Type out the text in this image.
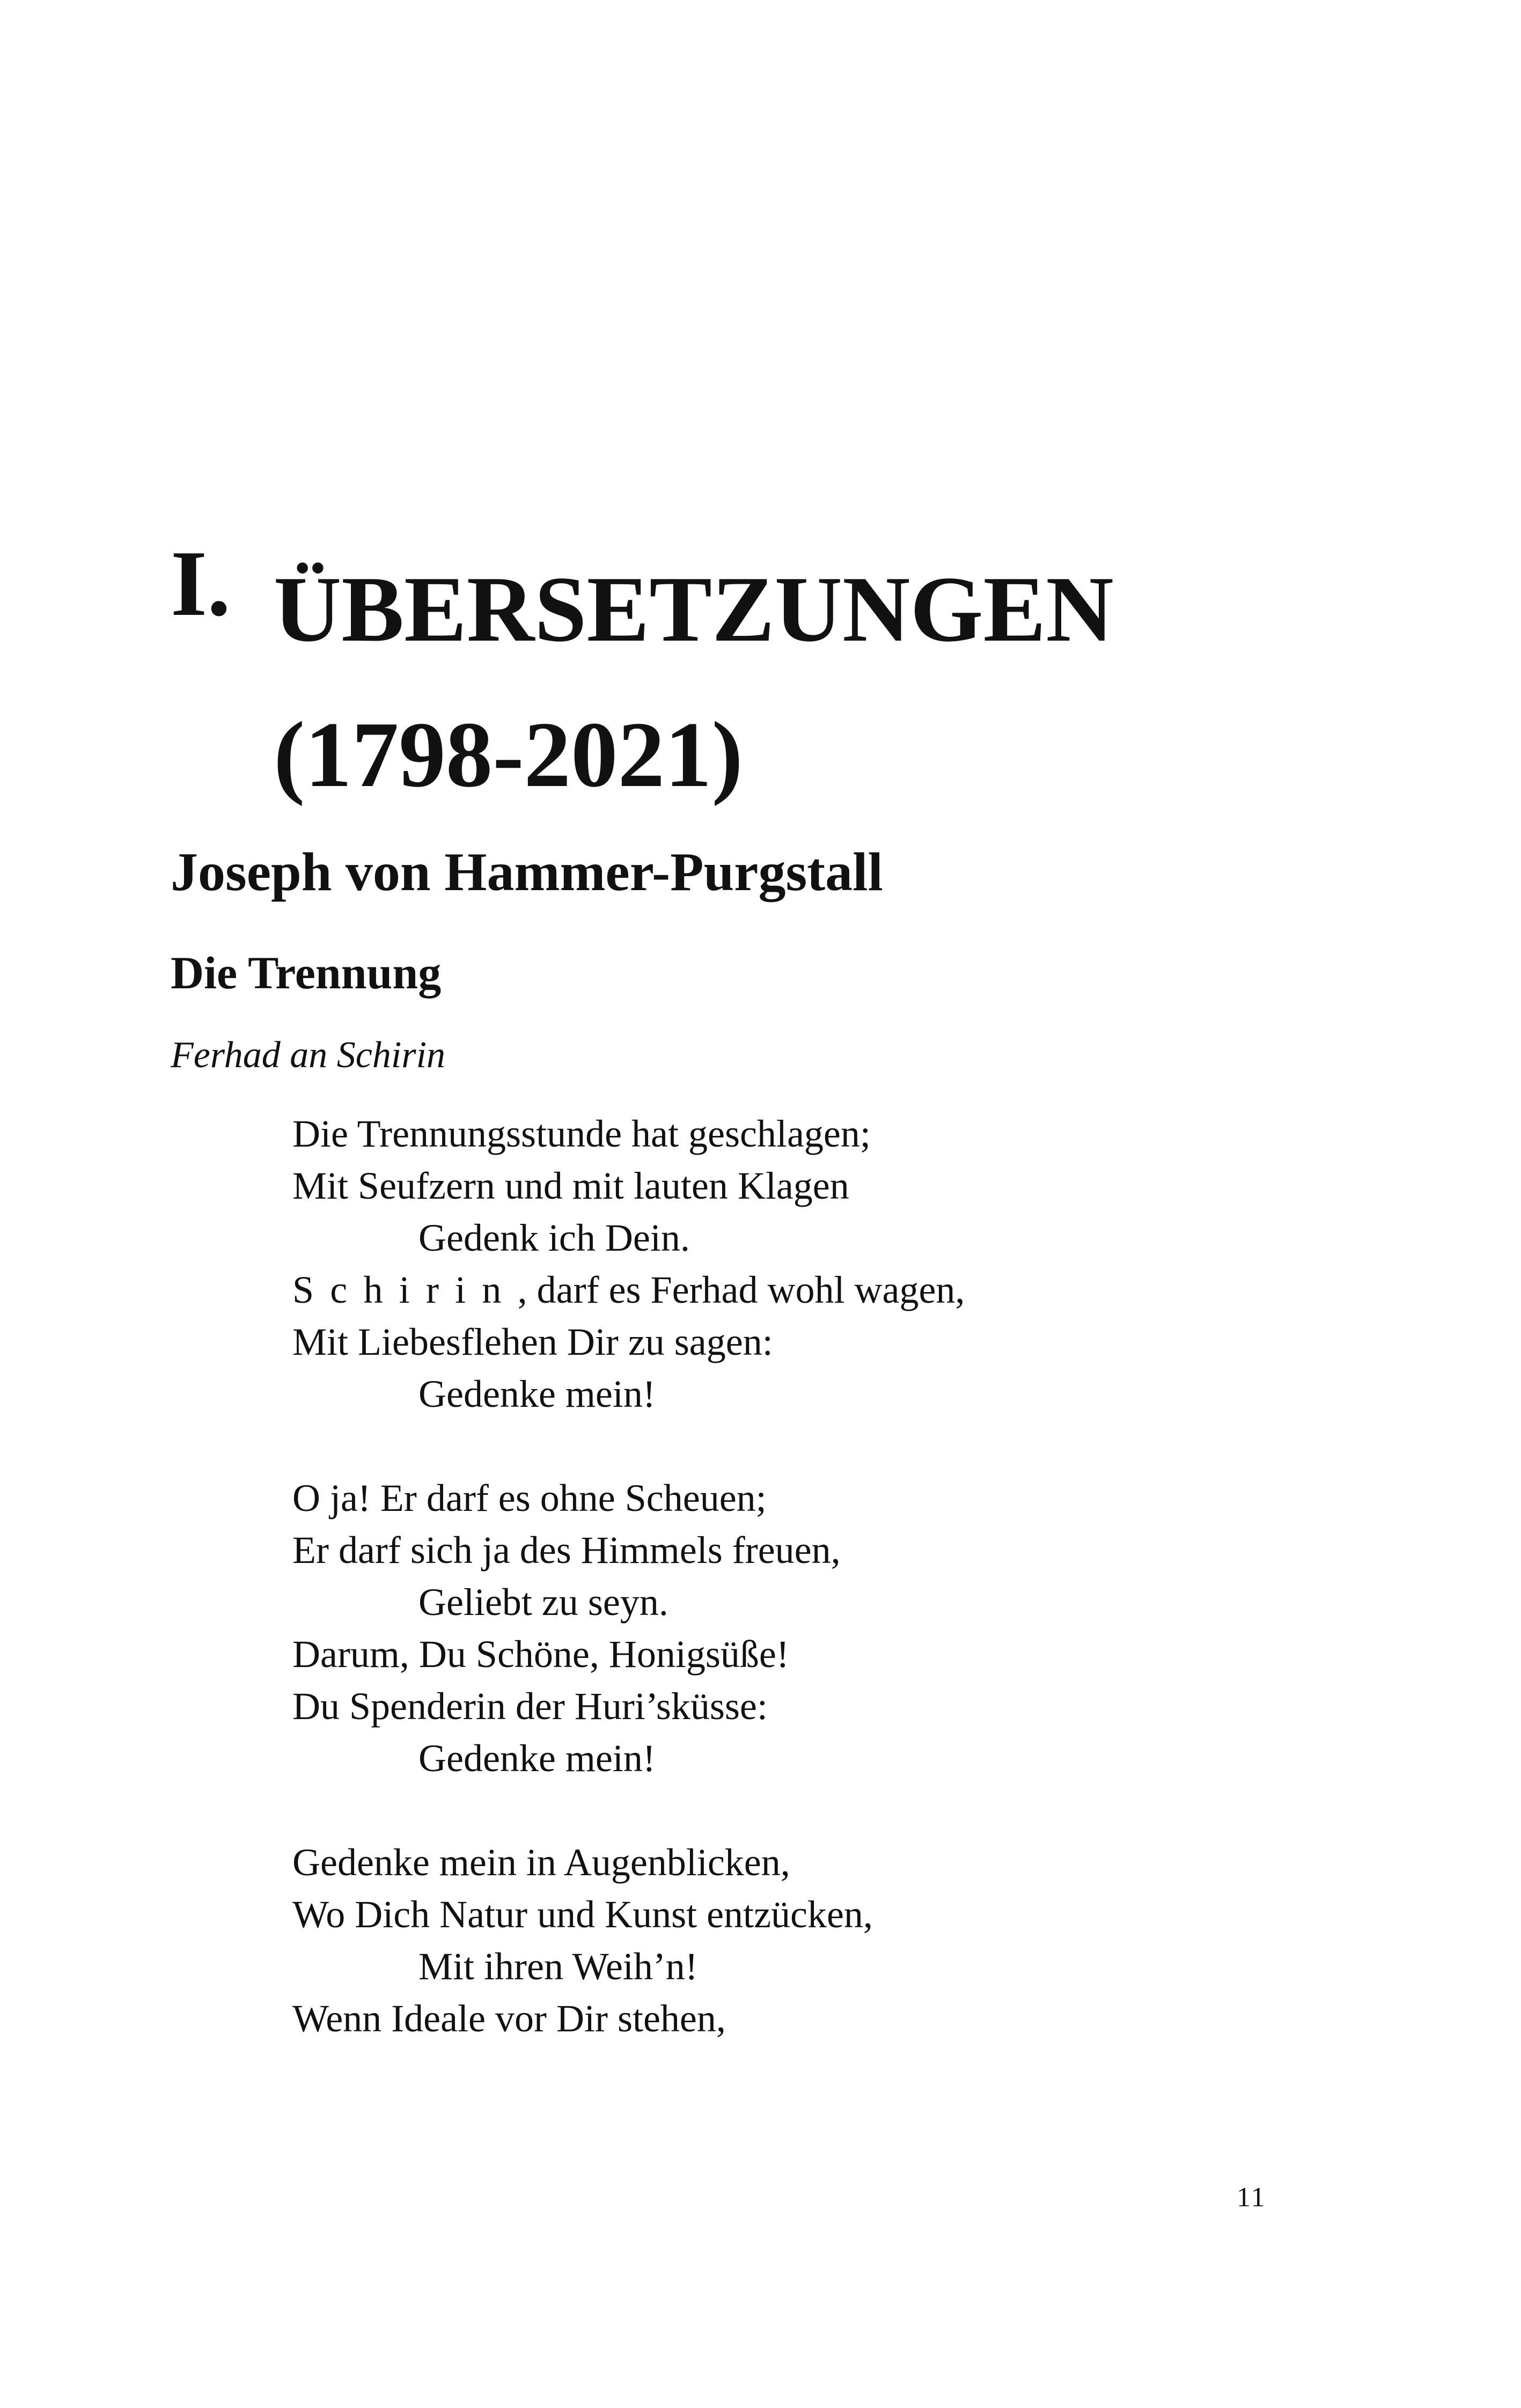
I. ÜBERSETZUNGEN
(1798-2021)
Joseph von Hammer-Purgstall
Die Trennung
Ferhad an Schirin
Die Trennungsstunde hat geschlagen;
Mit Seufzern und mit lauten Klagen
Gedenk ich Dein.
Schirin, darf es Ferhad wohl wagen,
Mit Liebesflehen Dir zu sagen:
Gedenke mein!
O ja! Er darf es ohne Scheuen;
Er darf sich ja des Himmels freuen,
Geliebt zu seyn.
Darum, Du Schöne, Honigsüße!
Du Spenderin der Huri’sküsse:
Gedenke mein!
Gedenke mein in Augenblicken,
Wo Dich Natur und Kunst entzücken,
Mit ihren Weih’n!
Wenn Ideale vor Dir stehen,
11
